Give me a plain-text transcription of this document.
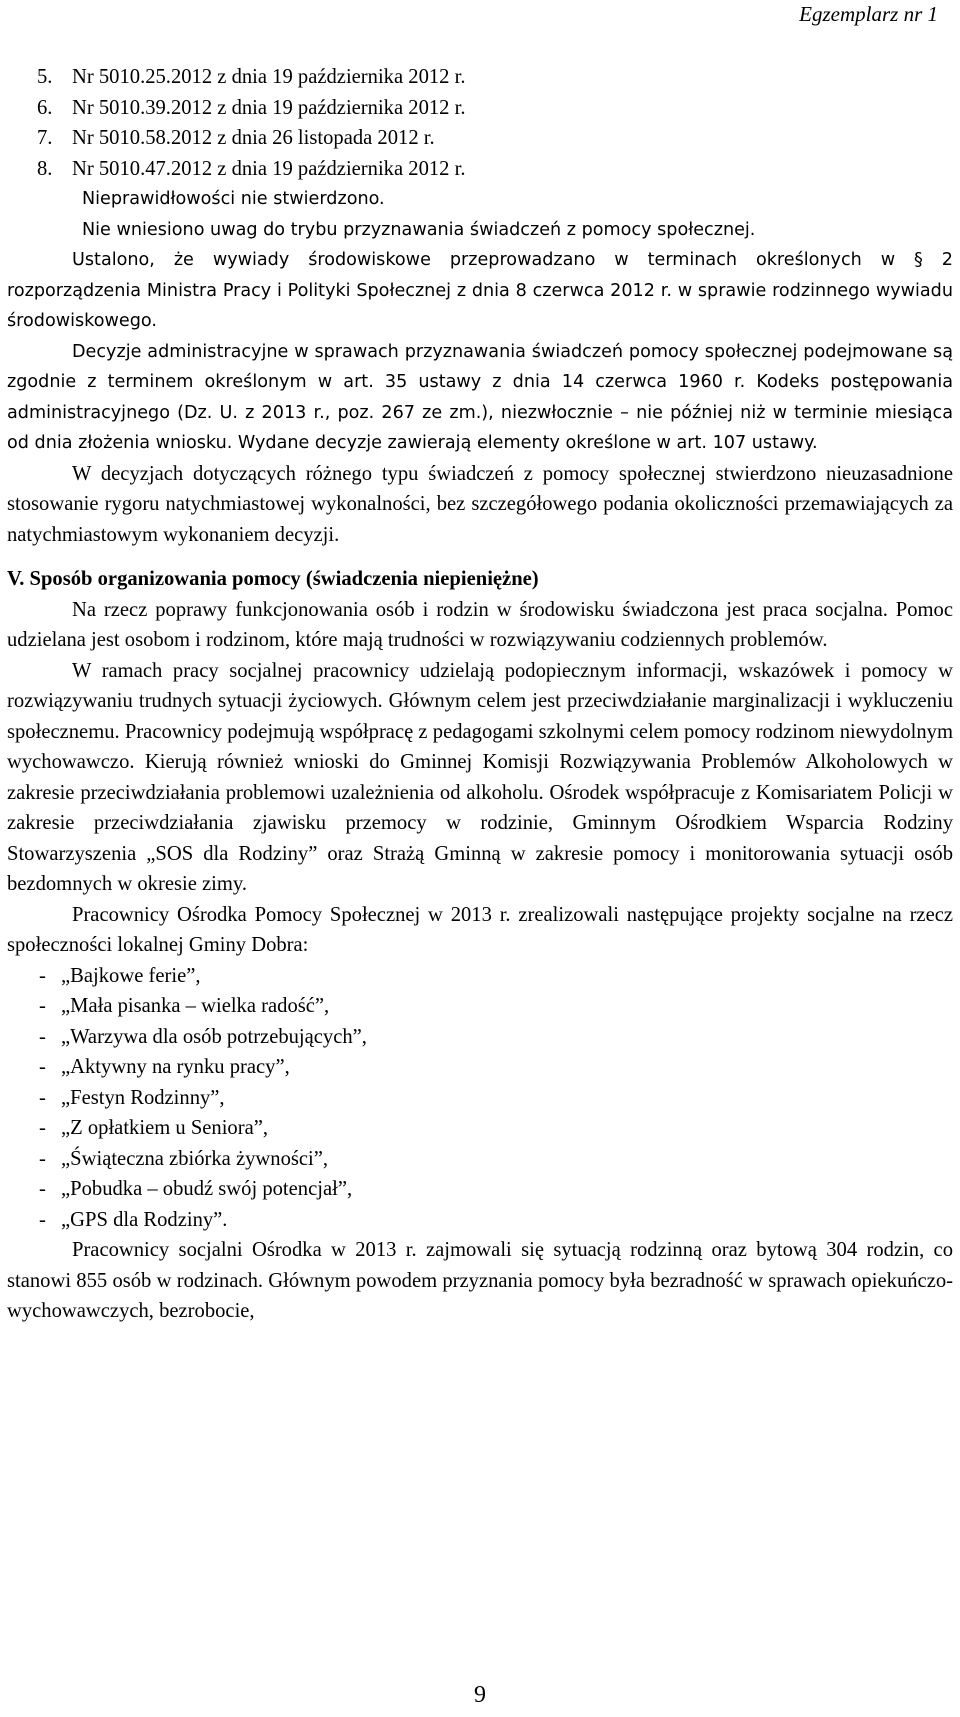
Egzemplarz nr 1

5. Nr 5010.25.2012 z dnia 19 października 2012 r.

6. Nr 5010.39.2012 z dnia 19 października 2012 r.

7. Nr 5010.58.2012 z dnia 26 listopada 2012 r.

8. Nr 5010.47.2012 z dnia 19 października 2012 r.

Nieprawidłowości nie stwierdzono.

Nie wniesiono uwag do trybu przyznawania świadczeń z pomocy społecznej.

Ustalono, że wywiady środowiskowe przeprowadzano w terminach określonych w § 2 rozporządzenia Ministra Pracy i Polityki Społecznej z dnia 8 czerwca 2012 r. w sprawie rodzinnego wywiadu środowiskowego.

Decyzje administracyjne w sprawach przyznawania świadczeń pomocy społecznej podejmowane są zgodnie z terminem określonym w art. 35 ustawy z dnia 14 czerwca 1960 r. Kodeks postępowania administracyjnego (Dz. U. z 2013 r., poz. 267 ze zm.), niezwłocznie – nie później niż w terminie miesiąca od dnia złożenia wniosku. Wydane decyzje zawierają elementy określone w art. 107 ustawy.

W decyzjach dotyczących różnego typu świadczeń z pomocy społecznej stwierdzono nieuzasadnione stosowanie rygoru natychmiastowej wykonalności, bez szczegółowego podania okoliczności przemawiających za natychmiastowym wykonaniem decyzji.

V. Sposób organizowania pomocy (świadczenia niepieniężne)

Na rzecz poprawy funkcjonowania osób i rodzin w środowisku świadczona jest praca socjalna. Pomoc udzielana jest osobom i rodzinom, które mają trudności w rozwiązywaniu codziennych problemów.

W ramach pracy socjalnej pracownicy udzielają podopiecznym informacji, wskazówek i pomocy w rozwiązywaniu trudnych sytuacji życiowych. Głównym celem jest przeciwdziałanie marginalizacji i wykluczeniu społecznemu. Pracownicy podejmują współpracę z pedagogami szkolnymi celem pomocy rodzinom niewydolnym wychowawczo. Kierują również wnioski do Gminnej Komisji Rozwiązywania Problemów Alkoholowych w zakresie przeciwdziałania problemowi uzależnienia od alkoholu. Ośrodek współpracuje z Komisariatem Policji w zakresie przeciwdziałania zjawisku przemocy w rodzinie, Gminnym Ośrodkiem Wsparcia Rodziny Stowarzyszenia „SOS dla Rodziny” oraz Strażą Gminną w zakresie pomocy i monitorowania sytuacji osób bezdomnych w okresie zimy.

Pracownicy Ośrodka Pomocy Społecznej w 2013 r. zrealizowali następujące projekty socjalne na rzecz społeczności lokalnej Gminy Dobra:

- „Bajkowe ferie”,

- „Mała pisanka – wielka radość”,

- „Warzywa dla osób potrzebujących”,

- „Aktywny na rynku pracy”,

- „Festyn Rodzinny”,

- „Z opłatkiem u Seniora”,

- „Świąteczna zbiórka żywności”,

- „Pobudka – obudź swój potencjał”,

- „GPS dla Rodziny”.

Pracownicy socjalni Ośrodka w 2013 r. zajmowali się sytuacją rodzinną oraz bytową 304 rodzin, co stanowi 855 osób w rodzinach. Głównym powodem przyznania pomocy była bezradność w sprawach opiekuńczo-wychowawczych, bezrobocie,

9
